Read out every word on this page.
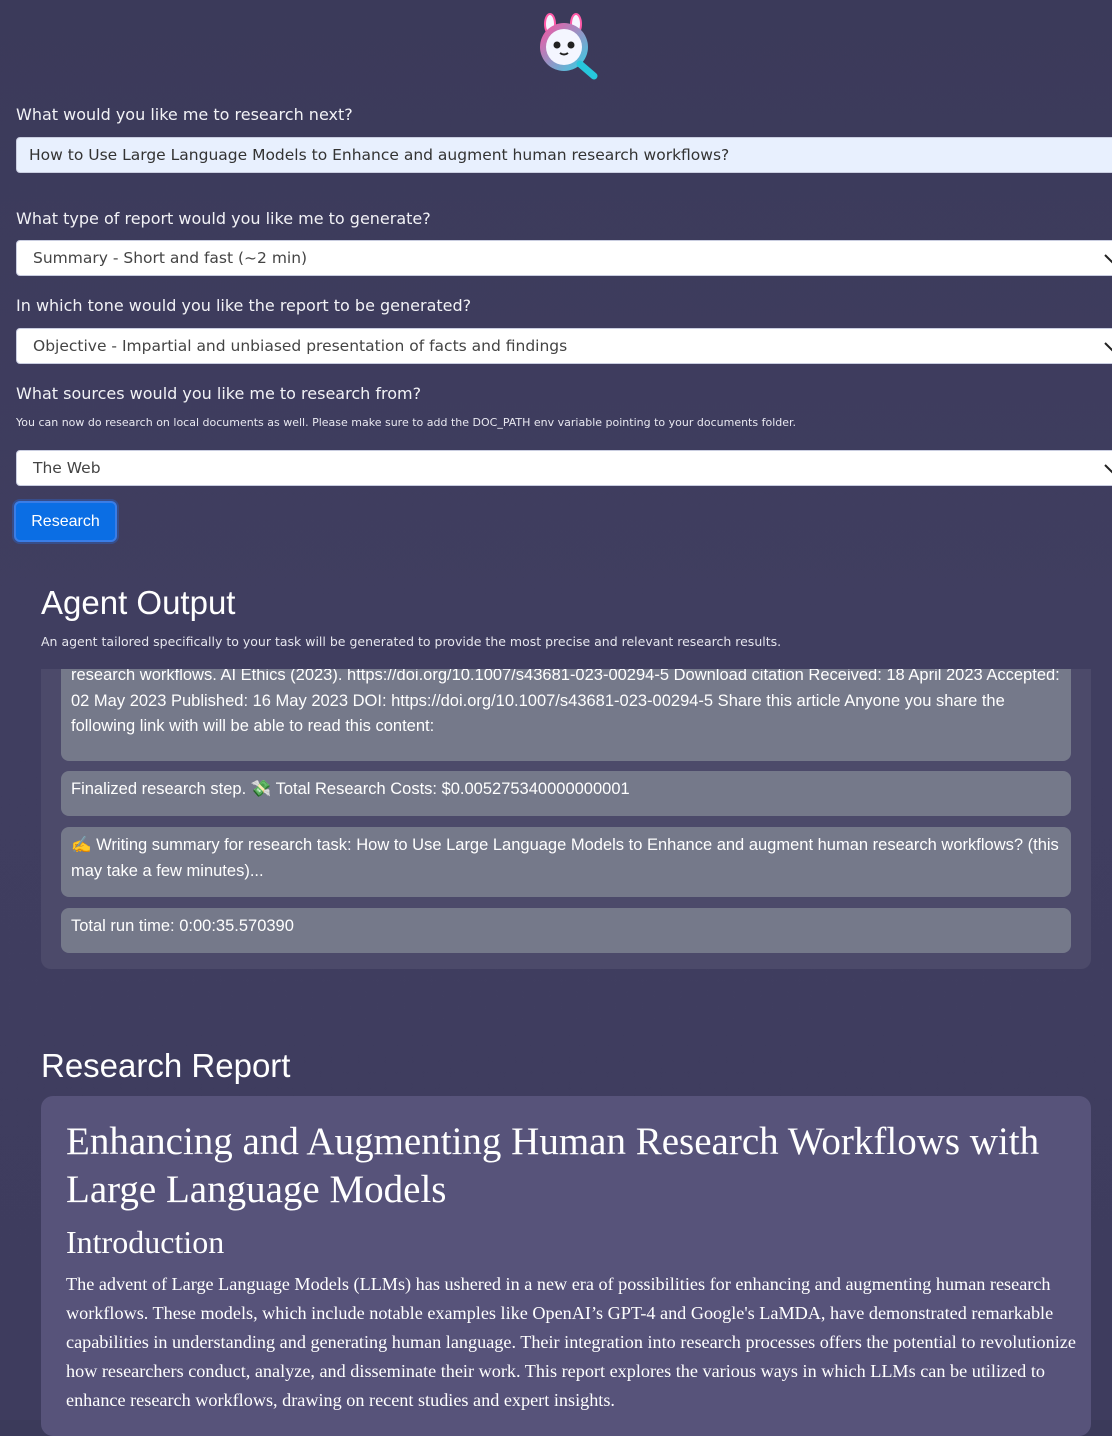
What would you like me to research next?
How to Use Large Language Models to Enhance and augment human research workflows?
What type of report would you like me to generate?
Summary - Short and fast (~2 min)
In which tone would you like the report to be generated?
Objective - Impartial and unbiased presentation of facts and findings
What sources would you like me to research from?
You can now do research on local documents as well. Please make sure to add the DOC_PATH env variable pointing to your documents folder.
The Web
Research
Agent Output
An agent tailored specifically to your task will be generated to provide the most precise and relevant research results.
research workflows. AI Ethics (2023). https://doi.org/10.1007/s43681-023-00294-5 Download citation Received: 18 April 2023 Accepted: 02 May 2023 Published: 16 May 2023 DOI: https://doi.org/10.1007/s43681-023-00294-5 Share this article Anyone you share the following link with will be able to read this content:
Finalized research step. 💸 Total Research Costs: $0.005275340000000001
✍️ Writing summary for research task: How to Use Large Language Models to Enhance and augment human research workflows? (this may take a few minutes)...
Total run time: 0:00:35.570390
Research Report
Enhancing and Augmenting Human Research Workflows with Large Language Models
Introduction
The advent of Large Language Models (LLMs) has ushered in a new era of possibilities for enhancing and augmenting human research workflows. These models, which include notable examples like OpenAI’s GPT-4 and Google's LaMDA, have demonstrated remarkable capabilities in understanding and generating human language. Their integration into research processes offers the potential to revolutionize how researchers conduct, analyze, and disseminate their work. This report explores the various ways in which LLMs can be utilized to enhance research workflows, drawing on recent studies and expert insights.
